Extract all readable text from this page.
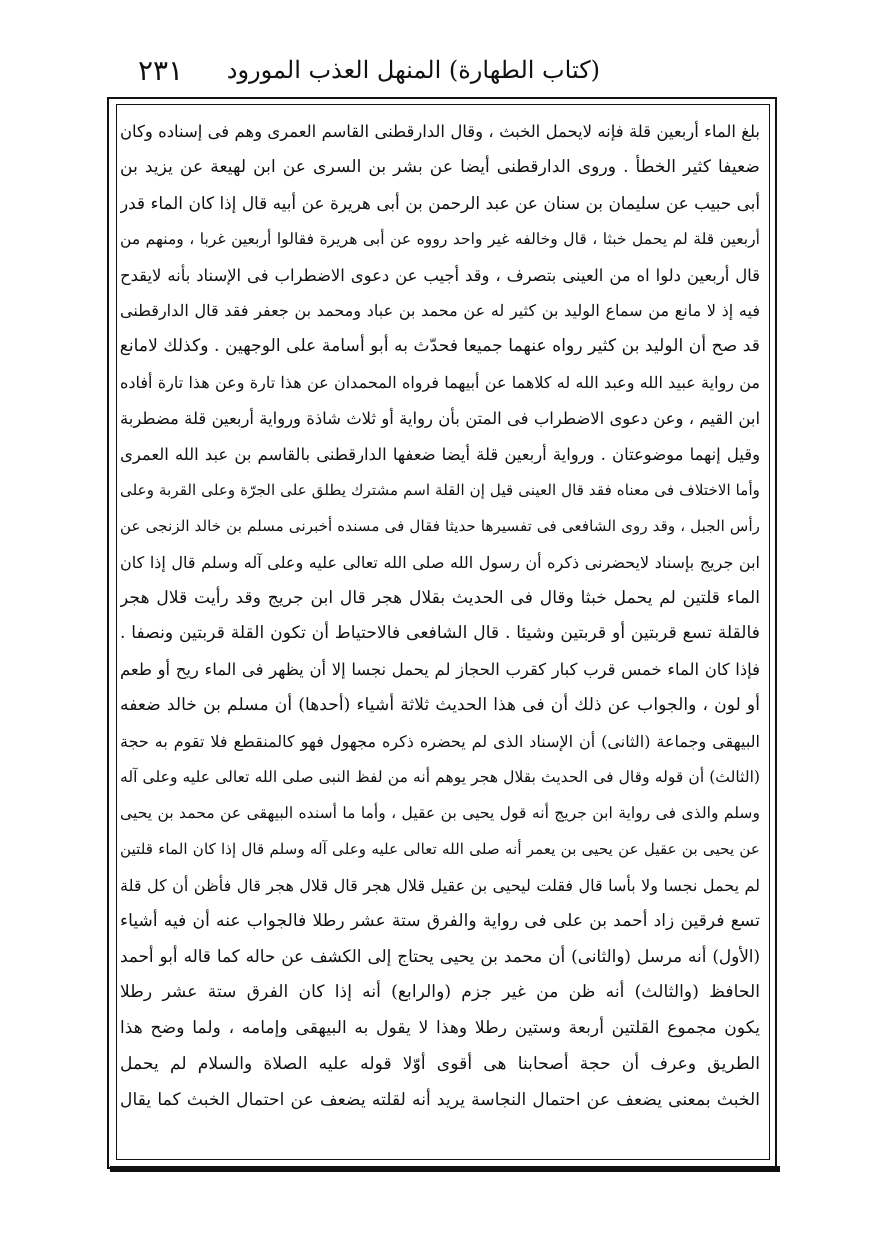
(كتاب الطهارة) المنهل العذب المورود
٢٣١
بلغ الماء أربعين قلة فإنه لايحمل الخبث ، وقال الدارقطنى القاسم العمرى وهم فى إسناده وكان
ضعيفا كثير الخطأ . وروى الدارقطنى أيضا عن بشر بن السرى عن ابن لهيعة عن يزيد بن
أبى حبيب عن سليمان بن سنان عن عبد الرحمن بن أبى هريرة عن أبيه قال إذا كان الماء قدر
أربعين قلة لم يحمل خبثا ، قال وخالفه غير واحد رووه عن أبى هريرة فقالوا أربعين غربا ، ومنهم من
قال أربعين دلوا اه من العينى بتصرف ، وقد أجيب عن دعوى الاضطراب فى الإسناد بأنه لايقدح
فيه إذ لا مانع من سماع الوليد بن كثير له عن محمد بن عباد ومحمد بن جعفر فقد قال الدارقطنى
قد صح أن الوليد بن كثير رواه عنهما جميعا فحدّث به أبو أسامة على الوجهين . وكذلك لامانع
من رواية عبيد الله وعبد الله له كلاهما عن أبيهما فرواه المحمدان عن هذا تارة وعن هذا تارة أفاده
ابن القيم ، وعن دعوى الاضطراب فى المتن بأن رواية أو ثلاث شاذة ورواية أربعين قلة مضطربة
وقيل إنهما موضوعتان . ورواية أربعين قلة أيضا ضعفها الدارقطنى بالقاسم بن عبد الله العمرى
وأما الاختلاف فى معناه فقد قال العينى قيل إن القلة اسم مشترك يطلق على الجرّة وعلى القربة وعلى
رأس الجبل ، وقد روى الشافعى فى تفسيرها حديثا فقال فى مسنده أخبرنى مسلم بن خالد الزنجى عن
ابن جريج بإسناد لايحضرنى ذكره أن رسول الله صلى الله تعالى عليه وعلى آله وسلم قال إذا كان
الماء قلتين لم يحمل خبثا وقال فى الحديث بقلال هجر قال ابن جريج وقد رأيت قلال هجر
فالقلة تسع قربتين أو قربتين وشيئا . قال الشافعى فالاحتياط أن تكون القلة قربتين ونصفا .
فإذا كان الماء خمس قرب كبار كقرب الحجاز لم يحمل نجسا إلا أن يظهر فى الماء ريح أو طعم
أو لون ، والجواب عن ذلك أن فى هذا الحديث ثلاثة أشياء (أحدها) أن مسلم بن خالد ضعفه
البيهقى وجماعة (الثانى) أن الإسناد الذى لم يحضره ذكره مجهول فهو كالمنقطع فلا تقوم به حجة
(الثالث) أن قوله وقال فى الحديث بقلال هجر يوهم أنه من لفظ النبى صلى الله تعالى عليه وعلى آله
وسلم والذى فى رواية ابن جريج أنه قول يحيى بن عقيل ، وأما ما أسنده البيهقى عن محمد بن يحيى
عن يحيى بن عقيل عن يحيى بن يعمر أنه صلى الله تعالى عليه وعلى آله وسلم قال إذا كان الماء قلتين
لم يحمل نجسا ولا بأسا قال فقلت ليحيى بن عقيل قلال هجر قال قلال هجر قال فأظن أن كل قلة
تسع فرقين زاد أحمد بن على فى رواية والفرق ستة عشر رطلا فالجواب عنه أن فيه أشياء
(الأول) أنه مرسل (والثانى) أن محمد بن يحيى يحتاج إلى الكشف عن حاله كما قاله أبو أحمد
الحافظ (والثالث) أنه ظن من غير جزم (والرابع) أنه إذا كان الفرق ستة عشر رطلا
يكون مجموع القلتين أربعة وستين رطلا وهذا لا يقول به البيهقى وإمامه ، ولما وضح هذا
الطريق وعرف أن حجة أصحابنا هى أقوى أوّلا قوله عليه الصلاة والسلام لم يحمل
الخبث بمعنى يضعف عن احتمال النجاسة يريد أنه لقلته يضعف عن احتمال الخبث كما يقال
